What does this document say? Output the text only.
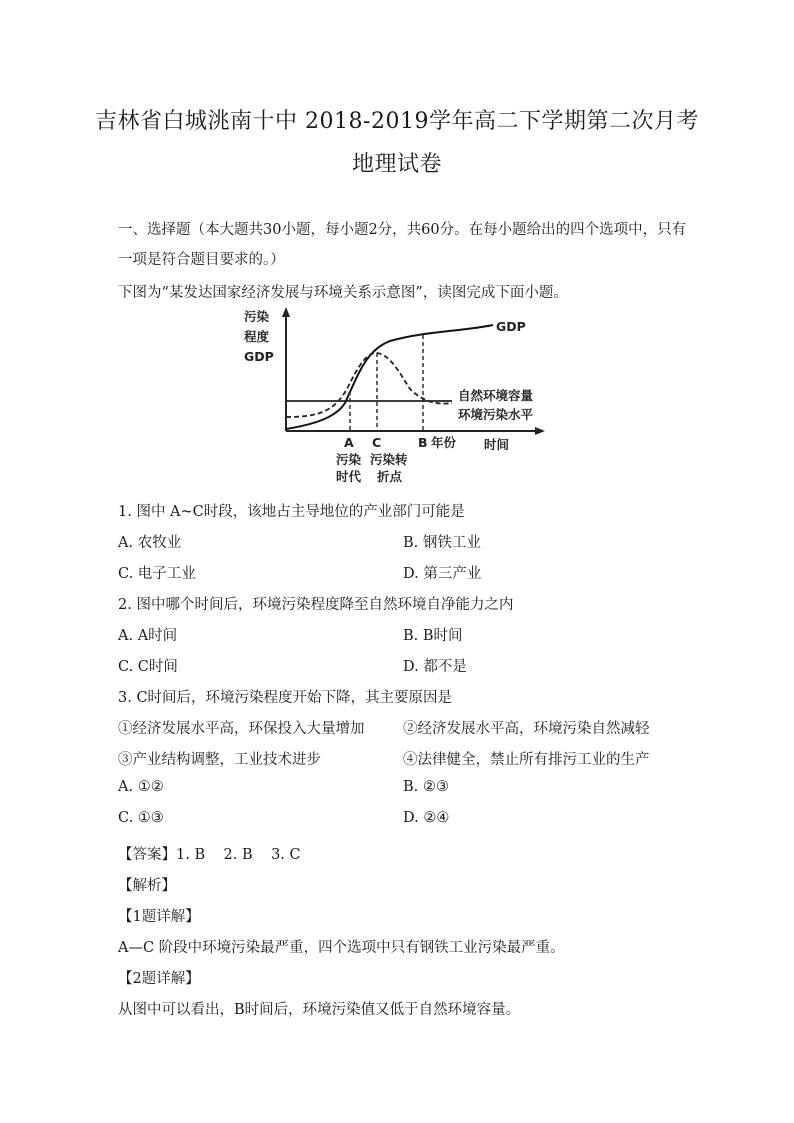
吉林省白城洮南十中 2018-2019学年高二下学期第二次月考
地理试卷
一、选择题（本大题共30小题，每小题2分，共60分。在每小题给出的四个选项中，只有
一项是符合题目要求的。）
下图为“某发达国家经济发展与环境关系示意图”，读图完成下面小题。
污染
程度
GDP
GDP
自然环境容量
环境污染水平
A C	B 年份 时间
污染
时代
污染转
折点
1. 图中 A~C时段，该地占主导地位的产业部门可能是
A. 农牧业	B. 钢铁工业
C. 电子工业	D. 第三产业
2. 图中哪个时间后，环境污染程度降至自然环境自净能力之内
A. A时间	B. B时间
C. C时间	D. 都不是
3. C时间后，环境污染程度开始下降，其主要原因是
①经济发展水平高，环保投入大量增加	②经济发展水平高，环境污染自然减轻
③产业结构调整，工业技术进步	④法律健全，禁止所有排污工业的生产
A. ①②	B. ②③
C. ①③	D. ②④
【答案】1. B    2. B    3. C
【解析】
【1题详解】
A—C 阶段中环境污染最严重，四个选项中只有钢铁工业污染最严重。
【2题详解】
从图中可以看出，B时间后，环境污染值又低于自然环境容量。
